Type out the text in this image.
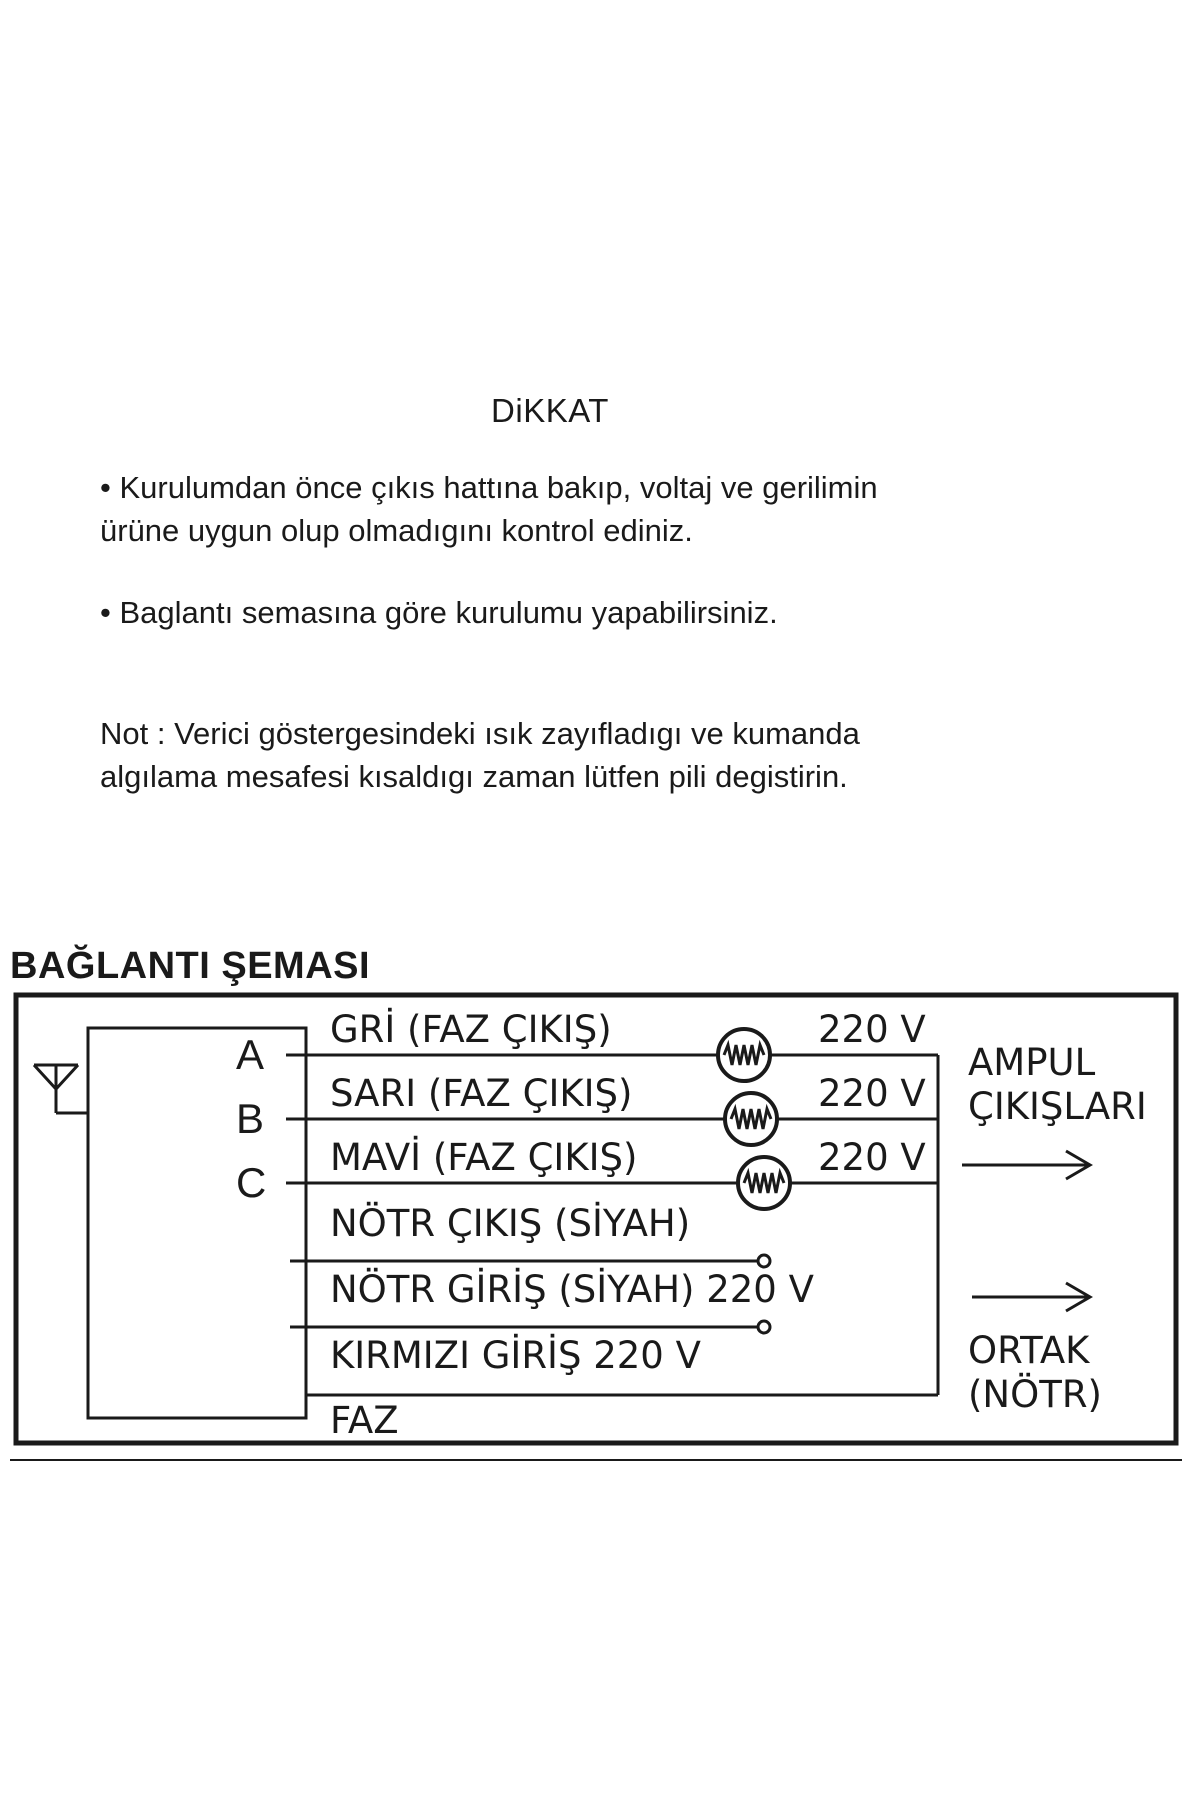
DiKKAT

• Kurulumdan önce çıkıs hattına bakıp, voltaj ve gerilimin

ürüne uygun olup olmadıgını kontrol ediniz.

• Baglantı semasına göre kurulumu yapabilirsiniz.

Not : Verici göstergesindeki ısık zayıfladıgı ve kumanda

algılama mesafesi kısaldıgı zaman lütfen pili degistirin.

BAĞLANTI ŞEMASI
A
B
C
GRİ (FAZ ÇIKIŞ)
SARI (FAZ ÇIKIŞ)
MAVİ (FAZ ÇIKIŞ)
NÖTR ÇIKIŞ (SİYAH)
NÖTR GİRİŞ (SİYAH) 220 V
KIRMIZI GİRİŞ 220 V
FAZ
220 V
220 V
220 V
AMPUL
ÇIKIŞLARI
ORTAK
(NÖTR)
